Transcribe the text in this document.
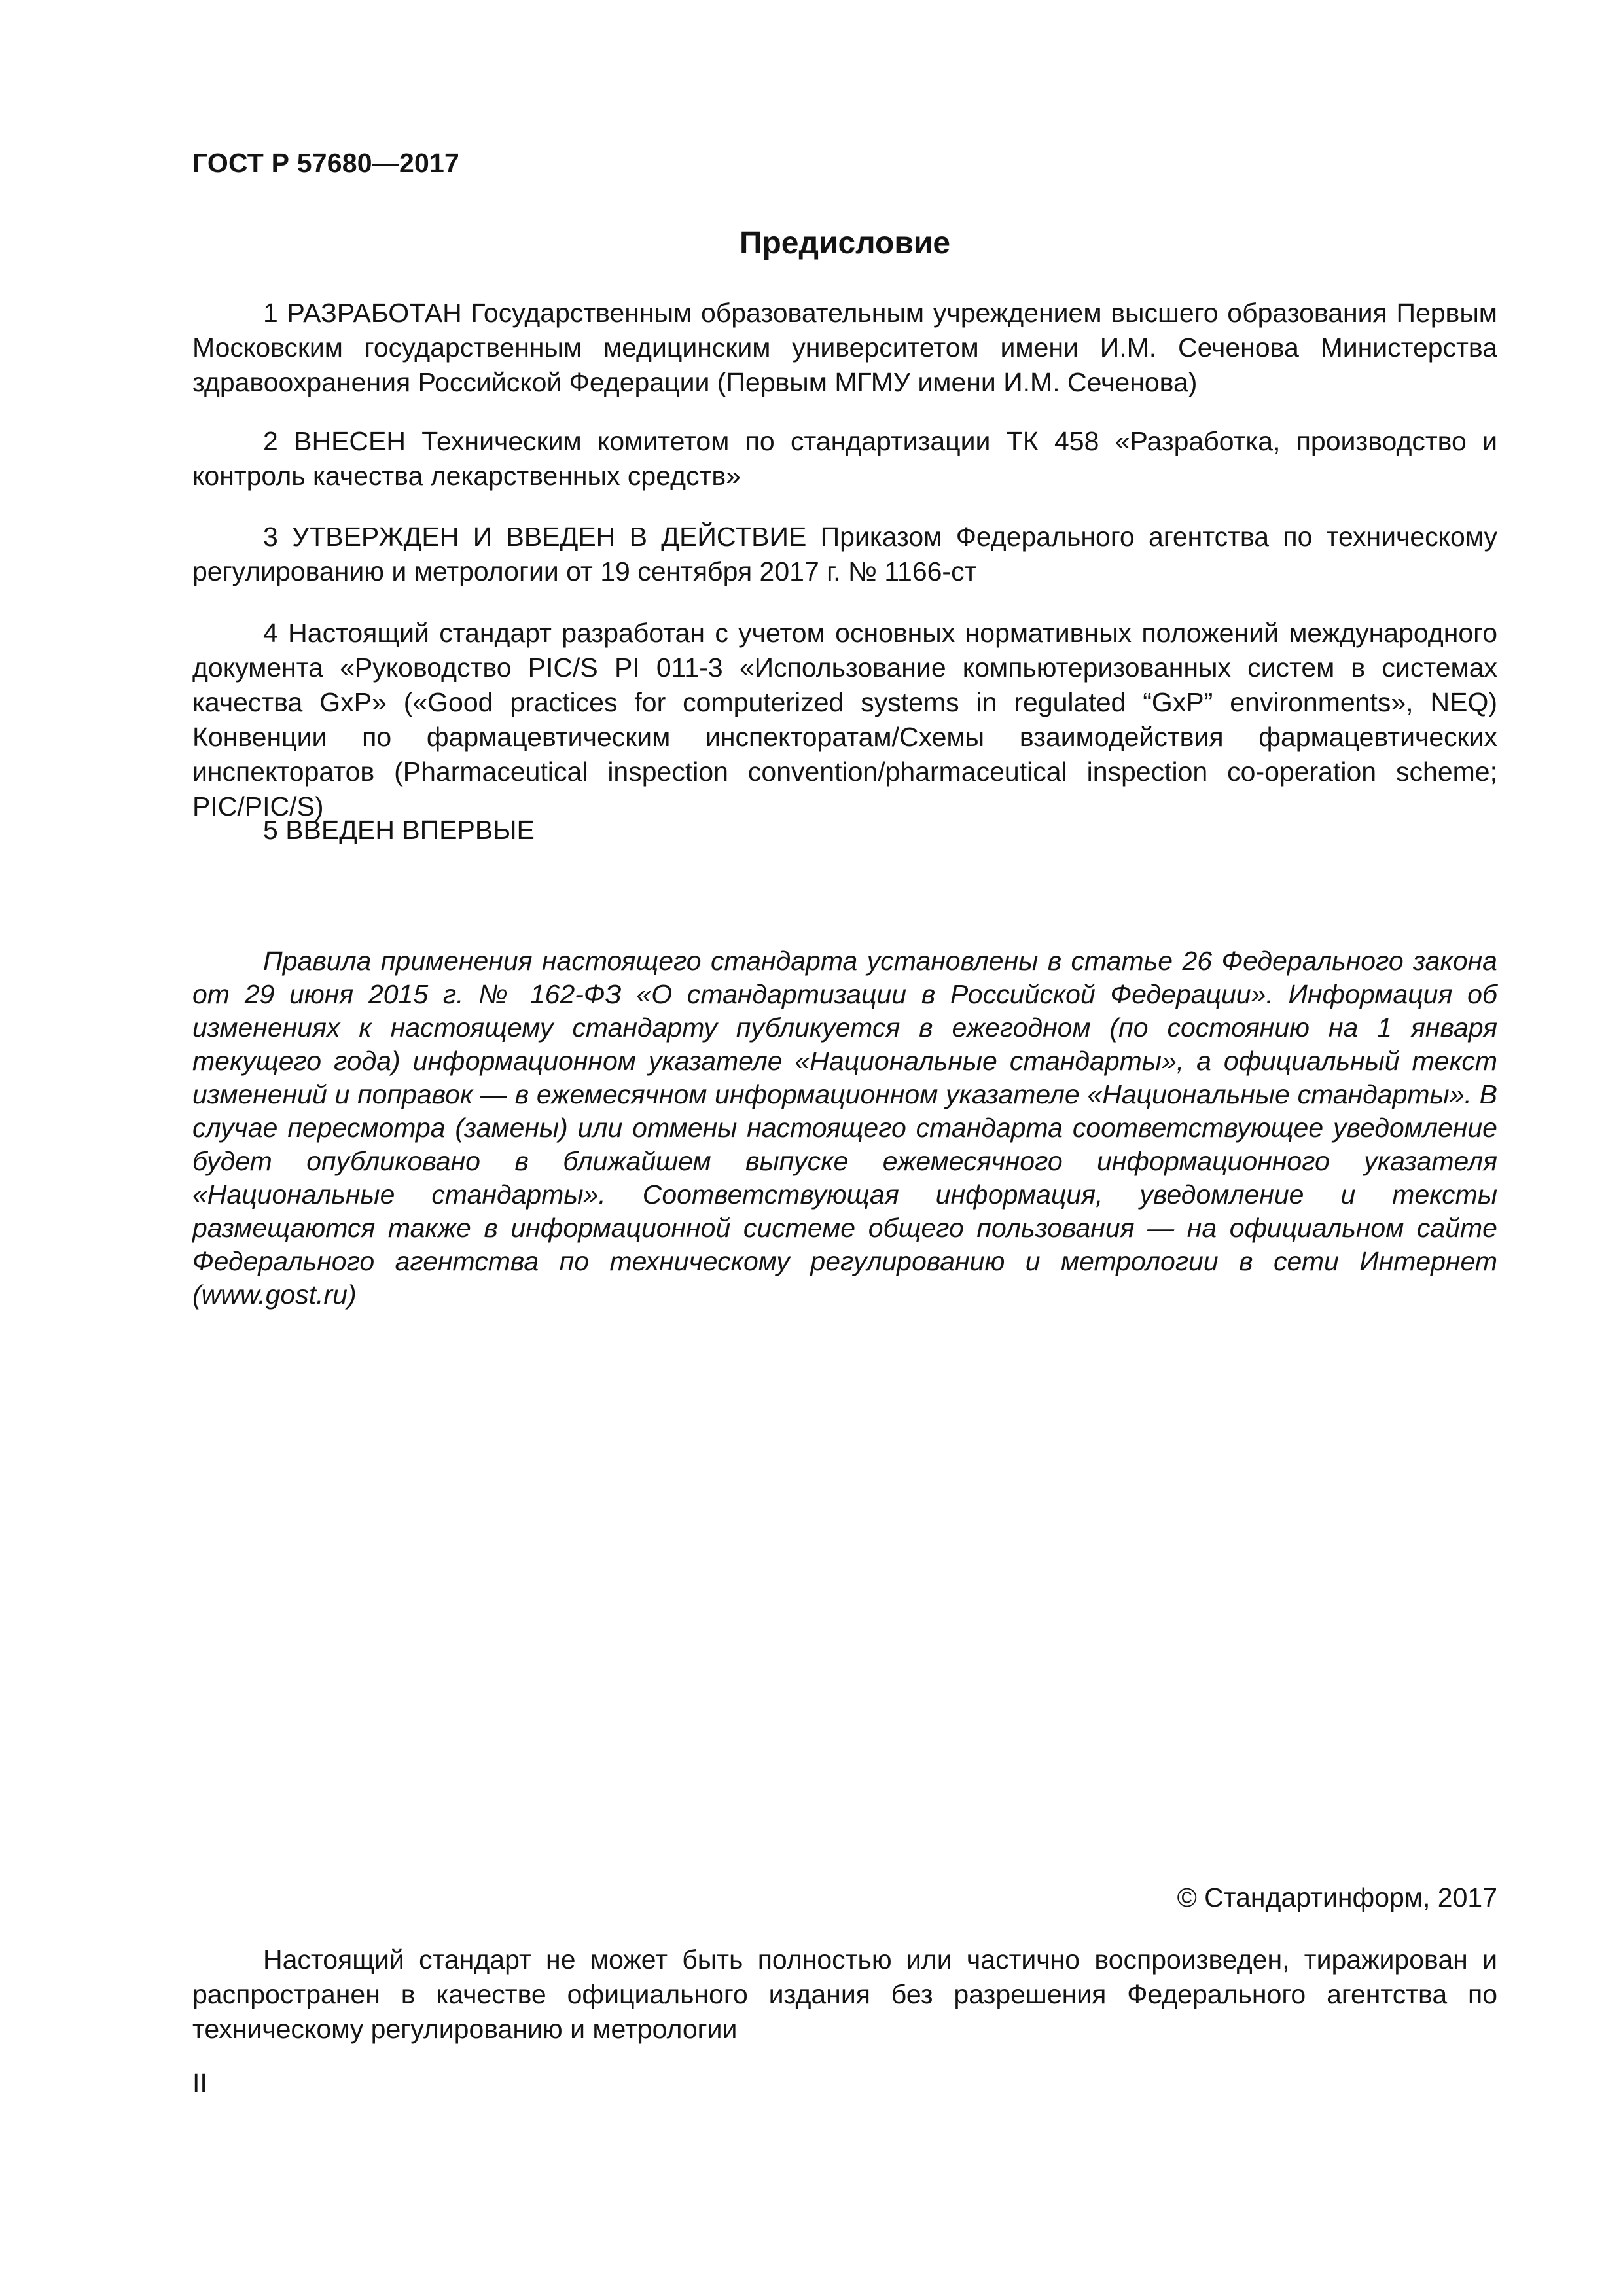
ГОСТ Р 57680—2017
Предисловие

1 РАЗРАБОТАН Государственным образовательным учреждением высшего образования Первым Московским государственным медицинским университетом имени И.М. Сеченова Министерства здравоохранения Российской Федерации (Первым МГМУ имени И.М. Сеченова)

2 ВНЕСЕН Техническим комитетом по стандартизации ТК 458 «Разработка, производство и контроль качества лекарственных средств»

3 УТВЕРЖДЕН И ВВЕДЕН В ДЕЙСТВИЕ Приказом Федерального агентства по техническому регулированию и метрологии от 19 сентября 2017 г. № 1166-ст

4 Настоящий стандарт разработан с учетом основных нормативных положений международного документа «Руководство PIC/S PI 011-3 «Использование компьютеризованных систем в системах качества GxP» («Good practices for computerized systems in regulated “GxP” environments», NEQ) Конвенции по фармацевтическим инспекторатам/Схемы взаимодействия фармацевтических инспекторатов (Pharmaceutical inspection convention/pharmaceutical inspection co-operation scheme; PIC/PIC/S)

5 ВВЕДЕН ВПЕРВЫЕ

Правила применения настоящего стандарта установлены в статье 26 Федерального закона от 29 июня 2015 г. № 162-ФЗ «О стандартизации в Российской Федерации». Информация об изменениях к настоящему стандарту публикуется в ежегодном (по состоянию на 1 января текущего года) информационном указателе «Национальные стандарты», а официальный текст изменений и поправок — в ежемесячном информационном указателе «Национальные стандарты». В случае пересмотра (замены) или отмены настоящего стандарта соответствующее уведомление будет опубликовано в ближайшем выпуске ежемесячного информационного указателя «Национальные стандарты». Соответствующая информация, уведомление и тексты размещаются также в информационной системе общего пользования — на официальном сайте Федерального агентства по техническому регулированию и метрологии в сети Интернет (www.gost.ru)

© Стандартинформ, 2017

Настоящий стандарт не может быть полностью или частично воспроизведен, тиражирован и распространен в качестве официального издания без разрешения Федерального агентства по техническому регулированию и метрологии

II
